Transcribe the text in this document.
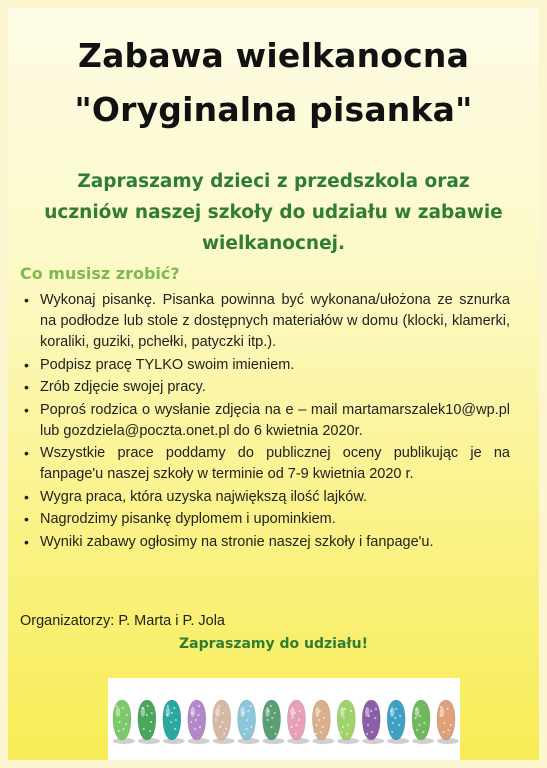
Zabawa wielkanocna
"Oryginalna pisanka"
Zapraszamy dzieci z przedszkola oraz
uczniów naszej szkoły do udziału w zabawie
wielkanocnej.
Co musisz zrobić?
• Wykonaj pisankę. Pisanka powinna być wykonana/ułożona ze sznurka na podłodze lub stole z dostępnych materiałów w domu (klocki, klamerki, koraliki, guziki, pchełki, patyczki itp.).
• Podpisz pracę TYLKO swoim imieniem.
• Zrób zdjęcie swojej pracy.
• Poproś rodzica o wysłanie zdjęcia na e – mail martamarszalek10@wp.pl lub gozdziela@poczta.onet.pl do 6 kwietnia 2020r.
• Wszystkie prace poddamy do publicznej oceny publikując je na fanpage'u naszej szkoły w terminie od 7-9 kwietnia 2020 r.
• Wygra praca, która uzyska największą ilość lajków.
• Nagrodzimy pisankę dyplomem i upominkiem.
• Wyniki zabawy ogłosimy na stronie naszej szkoły i fanpage'u.
Organizatorzy: P. Marta i P. Jola
Zapraszamy do udziału!
